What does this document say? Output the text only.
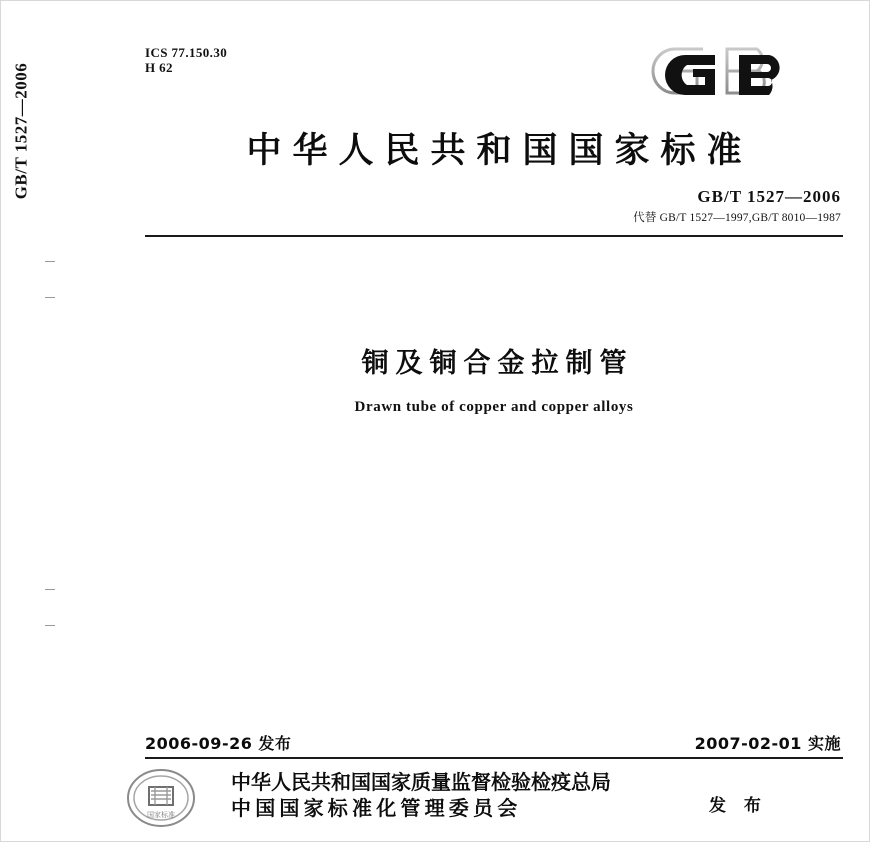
GB/T 1527—2006
ICS 77.150.30
H 62
中华人民共和国国家标准
GB/T 1527—2006
代替 GB/T 1527—1997,GB/T 8010—1987
铜及铜合金拉制管
Drawn tube of copper and copper alloys
2006-09-26 发布	2007-02-01 实施
国家标准
中华人民共和国国家质量监督检验检疫总局
中国国家标准化管理委员会	发 布
